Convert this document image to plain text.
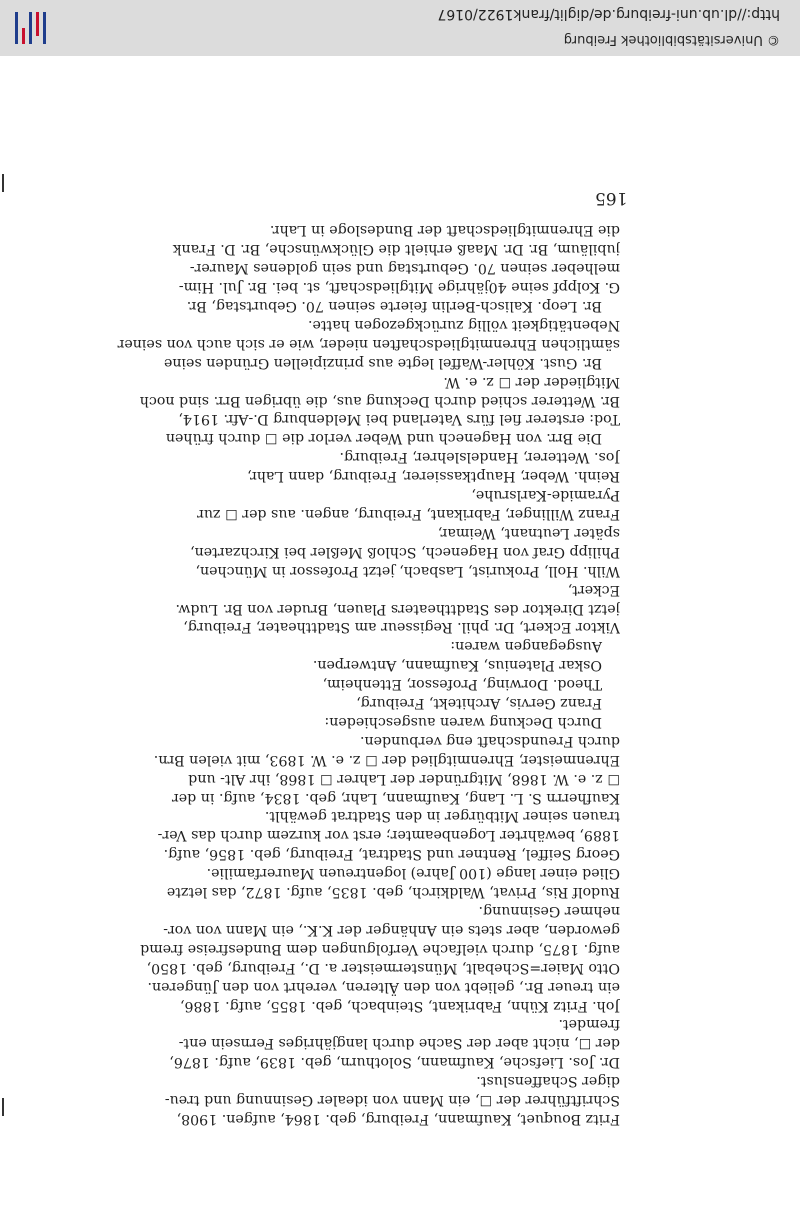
© Universitätsbibliothek Freiburg
http://dl.ub.uni-freiburg.de/diglit/frank1922/0167
165
Fritz Bouquet, Kaufmann, Freiburg, geb. 1864, aufgen. 1908,
Schriftführer der ☐, ein Mann von idealer Gesinnung und treu-
diger Schaffenslust.
Dr. Jos. Liefsche, Kaufmann, Solothurn, geb. 1839, aufg. 1876,
der ☐, nicht aber der Sache durch langjähriges Fernsein ent-
fremdet.
Joh. Fritz Kühn, Fabrikant, Steinbach, geb. 1855, aufg. 1886,
ein treuer Br., geliebt von den Älteren, verehrt von den Jüngeren.
Otto Maier=Schebalt, Münstermeister a. D., Freiburg, geb. 1850,
aufg. 1875, durch vielfache Verfolgungen dem Bundesfreise fremd
geworden, aber stets ein Anhänger der K.K., ein Mann von vor-
nehmer Gesinnung.
Rudolf Ris, Privat, Waldkirch, geb. 1835, aufg. 1872, das letzte
Glied einer lange (100 Jahre) logentreuen Maurerfamilie.
Georg Seiffel, Rentner und Stadtrat, Freiburg, geb. 1856, aufg.
1889, bewährter Logenbeamter; erst vor kurzem durch das Ver-
trauen seiner Mitbürger in den Stadtrat gewählt.
Kaufherrn S. L. Lang, Kaufmann, Lahr, geb. 1834, aufg. in der
☐ z. e. W. 1868, Mitgründer der Lahrer ☐ 1868, ihr Alt- und
Ehrenmeister, Ehrenmitglied der ☐ z. e. W. 1893, mit vielen Brn.
durch Freundschaft eng verbunden.
Durch Deckung waren ausgeschieden:
Franz Gervis, Architekt, Freiburg,
Theod. Dorwing, Professor, Ettenheim,
Oskar Platenius, Kaufmann, Antwerpen.
Ausgegangen waren:
Viktor Eckert, Dr. phil. Regisseur am Stadttheater, Freiburg,
jetzt Direktor des Stadttheaters Plauen, Bruder von Br. Ludw.
Eckert,
Wilh. Holl, Prokurist, Lasbach, jetzt Professor in München,
Philipp Graf von Hagenech, Schloß Meßler bei Kirchzarten,
später Leutnant, Weimar,
Franz Willinger, Fabrikant, Freiburg, angen. aus der ☐ zur
Pyramide-Karlsruhe,
Reinh. Weber, Hauptkassierer, Freiburg, dann Lahr,
Jos. Wetterer, Handelslehrer, Freiburg.
Die Brr. von Hagenech und Weber verlor die ☐ durch frühen
Tod: ersterer fiel fürs Vaterland bei Meldenburg D.-Afr. 1914,
Br. Wetterer schied durch Deckung aus, die übrigen Brr. sind noch
Mitglieder der ☐ z. e. W.
Br. Gust. Köhler-Waffel legte aus prinzipiellen Gründen seine
sämtlichen Ehrenmitgliedschaften nieder, wie er sich auch von seiner
Nebentätigkeit völlig zurückgezogen hatte.
Br. Leop. Kalisch-Berlin feierte seinen 70. Geburtstag, Br.
G. Kolppf seine 40jährige Mitgliedschaft, st. bei. Br. Jul. Him-
melheber seinen 70. Geburtstag und sein goldenes Maurer-
jubiläum, Br. Dr. Maaß erhielt die Glückwünsche, Br. D. Frank
die Ehrenmitgliedschaft der Bundesloge in Lahr.
